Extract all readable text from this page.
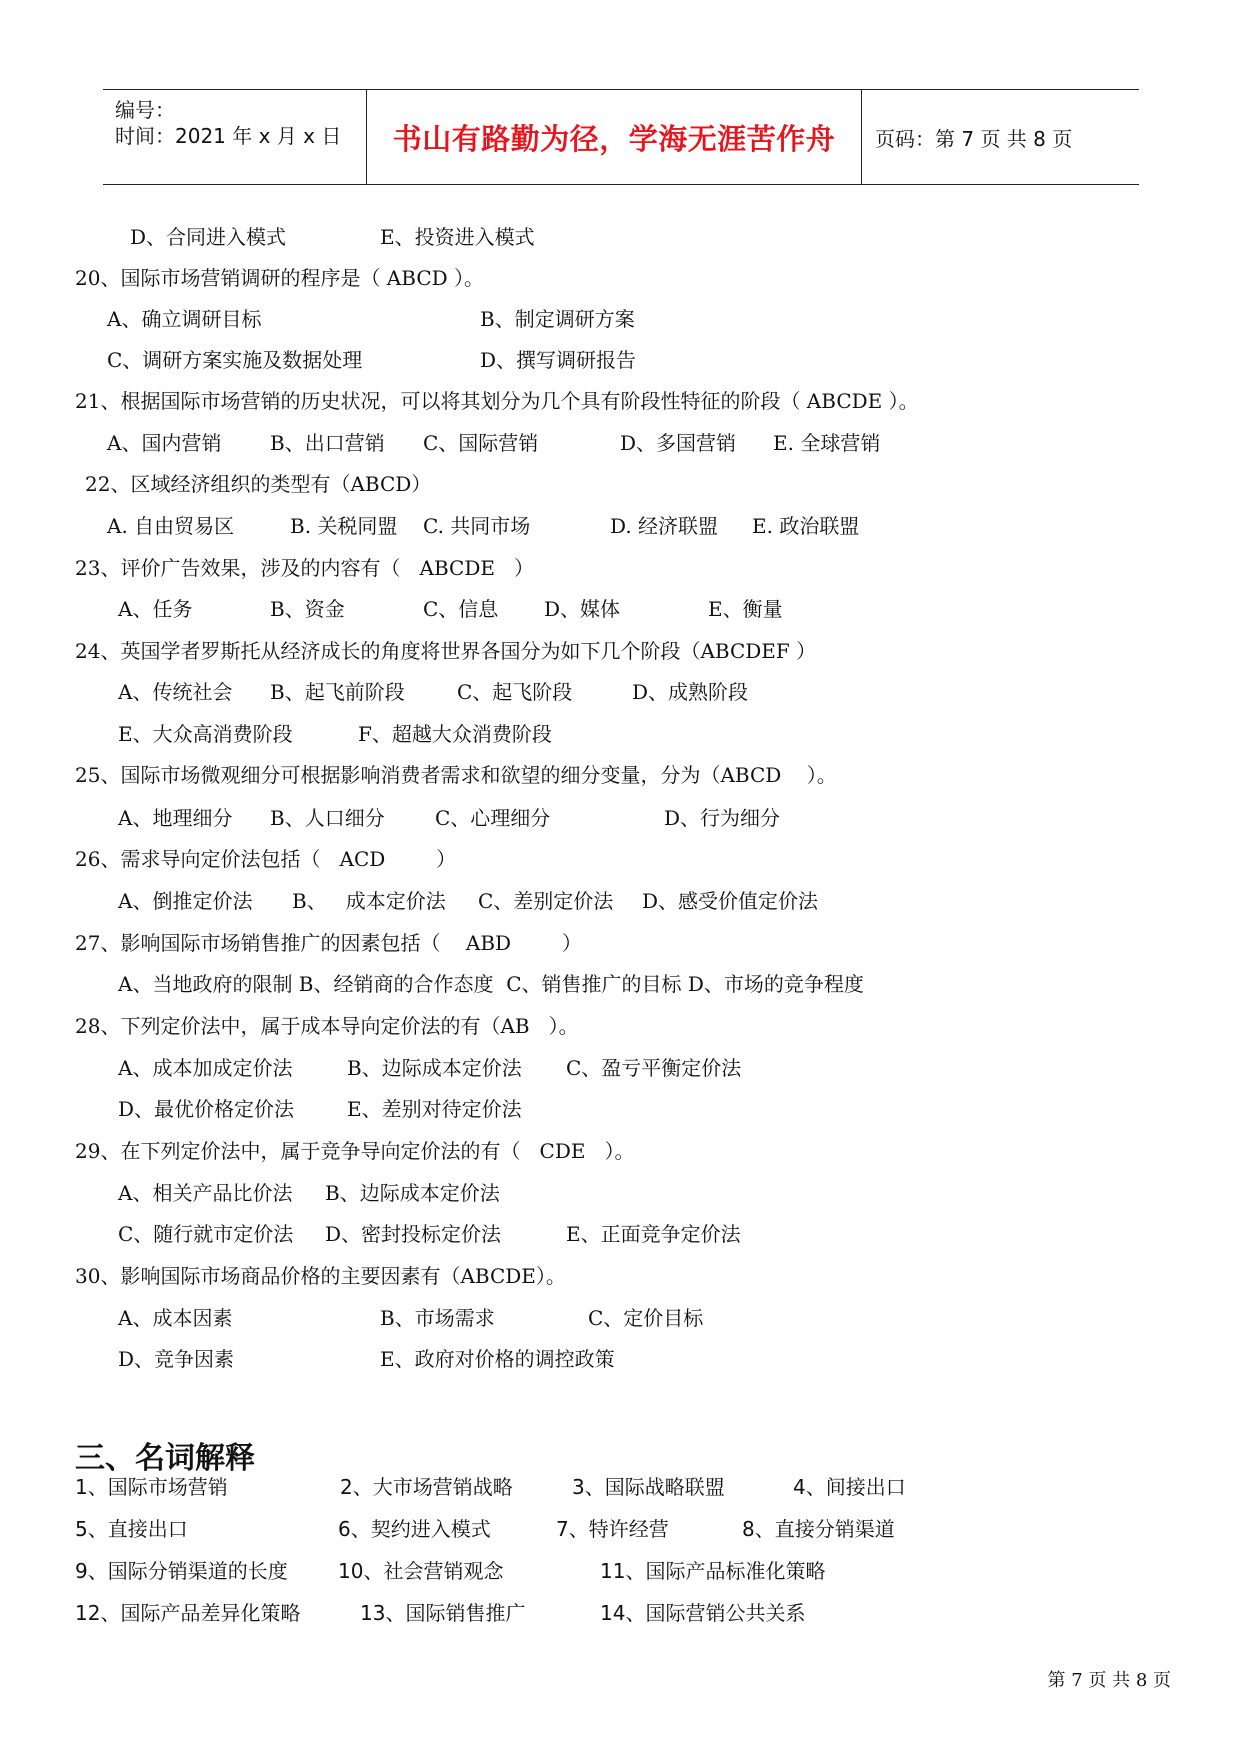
编号：
时间：2021 年 x 月 x 日 书山有路勤为径，学海无涯苦作舟	页码：第 7 页 共 8 页
D、合同进入模式	E、投资进入模式
20、国际市场营销调研的程序是（ ABCD ）。
A、确立调研目标	B、制定调研方案
C、调研方案实施及数据处理	D、撰写调研报告
21、根据国际市场营销的历史状况，可以将其划分为几个具有阶段性特征的阶段（ ABCDE ）。
A、国内营销 B、出口营销 C、国际营销	D、多国营销 E. 全球营销
22、区域经济组织的类型有（ABCD）
A. 自由贸易区	B. 关税同盟 C. 共同市场	D. 经济联盟 E. 政治联盟
23、评价广告效果，涉及的内容有（   ABCDE   ）
A、任务	B、资金	C、信息 D、媒体	E、衡量
24、英国学者罗斯托从经济成长的角度将世界各国分为如下几个阶段（ABCDEF ）
A、传统社会 B、起飞前阶段	C、起飞阶段	D、成熟阶段
E、大众高消费阶段	F、超越大众消费阶段
25、国际市场微观细分可根据影响消费者需求和欲望的细分变量，分为（ABCD    ）。
A、地理细分 B、人口细分	C、心理细分	D、行为细分
26、需求导向定价法包括（   ACD        ）
A、倒推定价法 B、   成本定价法 C、差别定价法 D、感受价值定价法
27、影响国际市场销售推广的因素包括（    ABD        ）
A、当地政府的限制 B、经销商的合作态度  C、销售推广的目标 D、市场的竞争程度
28、下列定价法中，属于成本导向定价法的有（AB   ）。
A、成本加成定价法	B、边际成本定价法 C、盈亏平衡定价法
D、最优价格定价法	E、差别对待定价法
29、在下列定价法中，属于竞争导向定价法的有（   CDE   ）。
A、相关产品比价法 B、边际成本定价法
C、随行就市定价法 D、密封投标定价法	E、正面竞争定价法
30、影响国际市场商品价格的主要因素有（ABCDE）。
A、成本因素	B、市场需求	C、定价目标
D、竞争因素	E、政府对价格的调控政策
三、名词解释
1、国际市场营销	2、大市场营销战略	3、国际战略联盟	4、间接出口
5、直接出口	6、契约进入模式	7、特许经营	8、直接分销渠道
9、国际分销渠道的长度	10、社会营销观念	11、国际产品标准化策略
12、国际产品差异化策略	13、国际销售推广	14、国际营销公共关系
第 7 页 共 8 页
